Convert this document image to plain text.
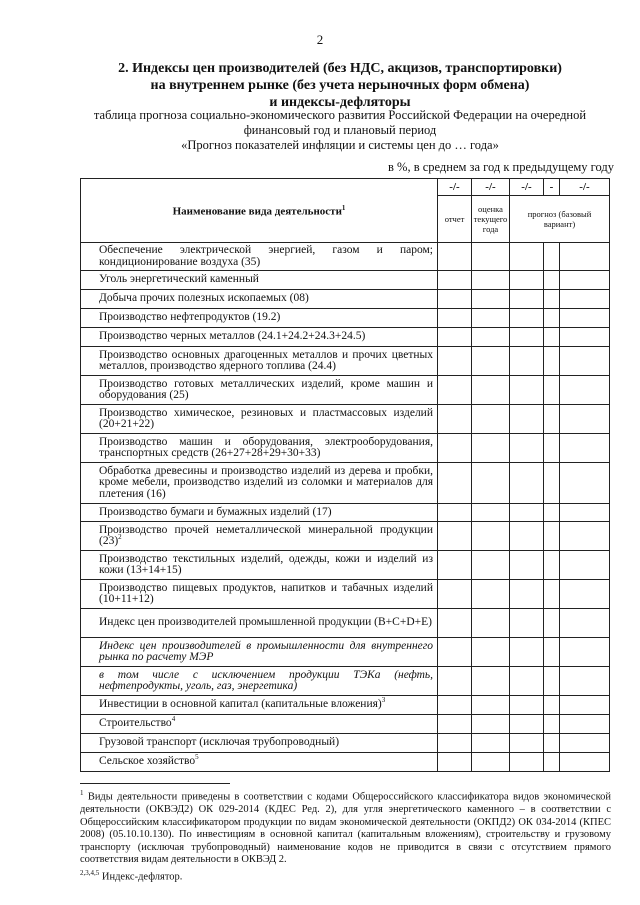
2
2. Индексы цен производителей (без НДС, акцизов, транспортировки)
на внутреннем рынке (без учета нерыночных форм обмена)
и индексы-дефляторы
таблица прогноза социально-экономического развития Российской Федерации на очередной
финансовый год и плановый период
«Прогноз показателей инфляции и системы цен до … года»
в %, в среднем за год к предыдущему году
Наименование вида деятельности$^1$	-/-	-/-	-/-	-	-/-
	отчет	оценка текущего года	прогноз (базовый вариант)		

Обеспечение электрической энергией, газом и паром; кондиционирование воздуха (35)					

Уголь энергетический каменный					

Добыча прочих полезных ископаемых (08)					

Производство нефтепродуктов (19.2)					

Производство черных металлов (24.1+24.2+24.3+24.5)					

Производство основных драгоценных металлов и прочих цветных металлов, производство ядерного топлива (24.4)					

Производство готовых металлических изделий, кроме машин и оборудования (25)					

Производство химическое, резиновых и пластмассовых изделий (20+21+22)					

Производство машин и оборудования, электрооборудования, транспортных средств (26+27+28+29+30+33)					

Обработка древесины и производство изделий из дерева и пробки, кроме мебели, производство изделий из соломки и материалов для плетения (16)					

Производство бумаги и бумажных изделий (17)					

Производство прочей неметаллической минеральной продукции $(23)^2$

Производство текстильных изделий, одежды, кожи и изделий из кожи (13+14+15)					

Производство пищевых продуктов, напитков и табачных изделий (10+11+12)					

Индекс цен производителей промышленной продукции (B+C+D+E)					

Индекс цен производителей в промышленности для внутреннего рынка по расчету МЭР					

в том числе с исключением продукции ТЭКа (нефть, нефтепродукты, уголь, газ, энергетика)					

Инвестиции в основной капитал (капитальные вложения)$^3$

Строительство$^4$

Грузовой транспорт (исключая трубопроводный)					

Сельское хозяйство$^5$

$^1$ Виды деятельности приведены в соответствии с кодами Общероссийского классификатора видов экономической деятельности (ОКВЭД2) ОК 029-2014 (КДЕС Ред. 2), для угля энергетического каменного – в соответствии с Общероссийским классификатором продукции по видам экономической деятельности (ОКПД2) ОК 034-2014 (КПЕС 2008) (05.10.10.130). По инвестициям в основной капитал (капитальным вложениям), строительству и грузовому транспорту (исключая трубопроводный) наименование кодов не приводится в связи с отсутствием прямого соответствия видам деятельности в ОКВЭД 2.
$^{2,3,4,5}$ Индекс-дефлятор.
